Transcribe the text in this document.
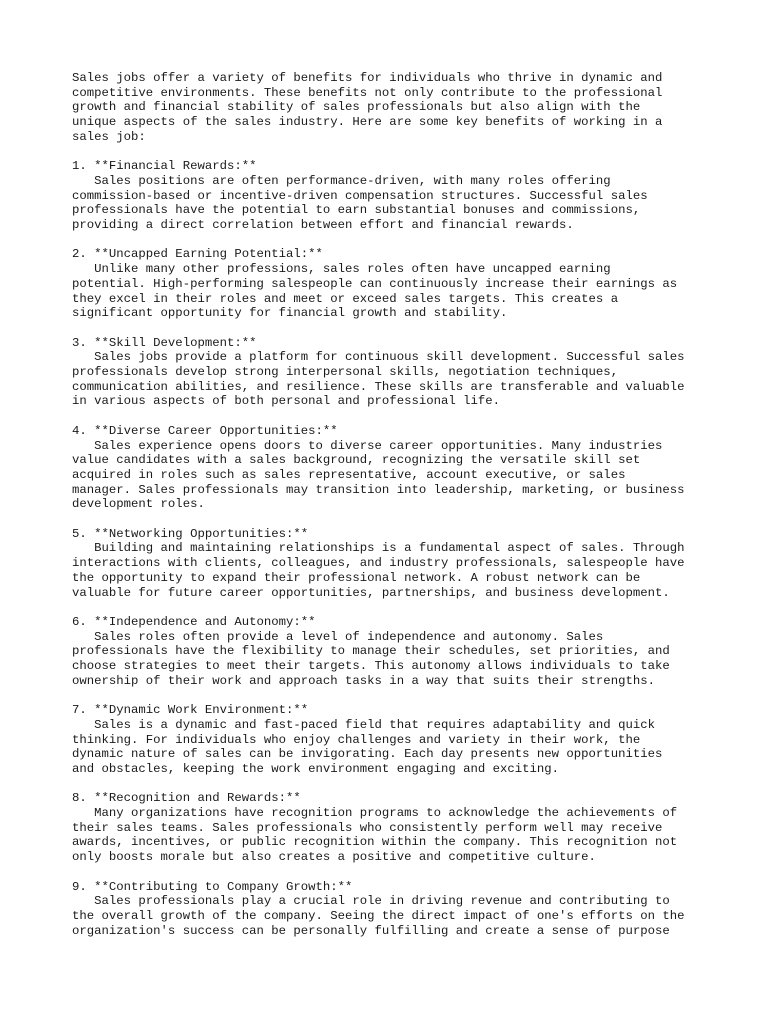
Sales jobs offer a variety of benefits for individuals who thrive in dynamic and
competitive environments. These benefits not only contribute to the professional
growth and financial stability of sales professionals but also align with the
unique aspects of the sales industry. Here are some key benefits of working in a
sales job:
1. **Financial Rewards:**
Sales positions are often performance-driven, with many roles offering
commission-based or incentive-driven compensation structures. Successful sales
professionals have the potential to earn substantial bonuses and commissions,
providing a direct correlation between effort and financial rewards.
2. **Uncapped Earning Potential:**
Unlike many other professions, sales roles often have uncapped earning
potential. High-performing salespeople can continuously increase their earnings as
they excel in their roles and meet or exceed sales targets. This creates a
significant opportunity for financial growth and stability.
3. **Skill Development:**
Sales jobs provide a platform for continuous skill development. Successful sales
professionals develop strong interpersonal skills, negotiation techniques,
communication abilities, and resilience. These skills are transferable and valuable
in various aspects of both personal and professional life.
4. **Diverse Career Opportunities:**
Sales experience opens doors to diverse career opportunities. Many industries
value candidates with a sales background, recognizing the versatile skill set
acquired in roles such as sales representative, account executive, or sales
manager. Sales professionals may transition into leadership, marketing, or business
development roles.
5. **Networking Opportunities:**
Building and maintaining relationships is a fundamental aspect of sales. Through
interactions with clients, colleagues, and industry professionals, salespeople have
the opportunity to expand their professional network. A robust network can be
valuable for future career opportunities, partnerships, and business development.
6. **Independence and Autonomy:**
Sales roles often provide a level of independence and autonomy. Sales
professionals have the flexibility to manage their schedules, set priorities, and
choose strategies to meet their targets. This autonomy allows individuals to take
ownership of their work and approach tasks in a way that suits their strengths.
7. **Dynamic Work Environment:**
Sales is a dynamic and fast-paced field that requires adaptability and quick
thinking. For individuals who enjoy challenges and variety in their work, the
dynamic nature of sales can be invigorating. Each day presents new opportunities
and obstacles, keeping the work environment engaging and exciting.
8. **Recognition and Rewards:**
Many organizations have recognition programs to acknowledge the achievements of
their sales teams. Sales professionals who consistently perform well may receive
awards, incentives, or public recognition within the company. This recognition not
only boosts morale but also creates a positive and competitive culture.
9. **Contributing to Company Growth:**
Sales professionals play a crucial role in driving revenue and contributing to
the overall growth of the company. Seeing the direct impact of one's efforts on the
organization's success can be personally fulfilling and create a sense of purpose
